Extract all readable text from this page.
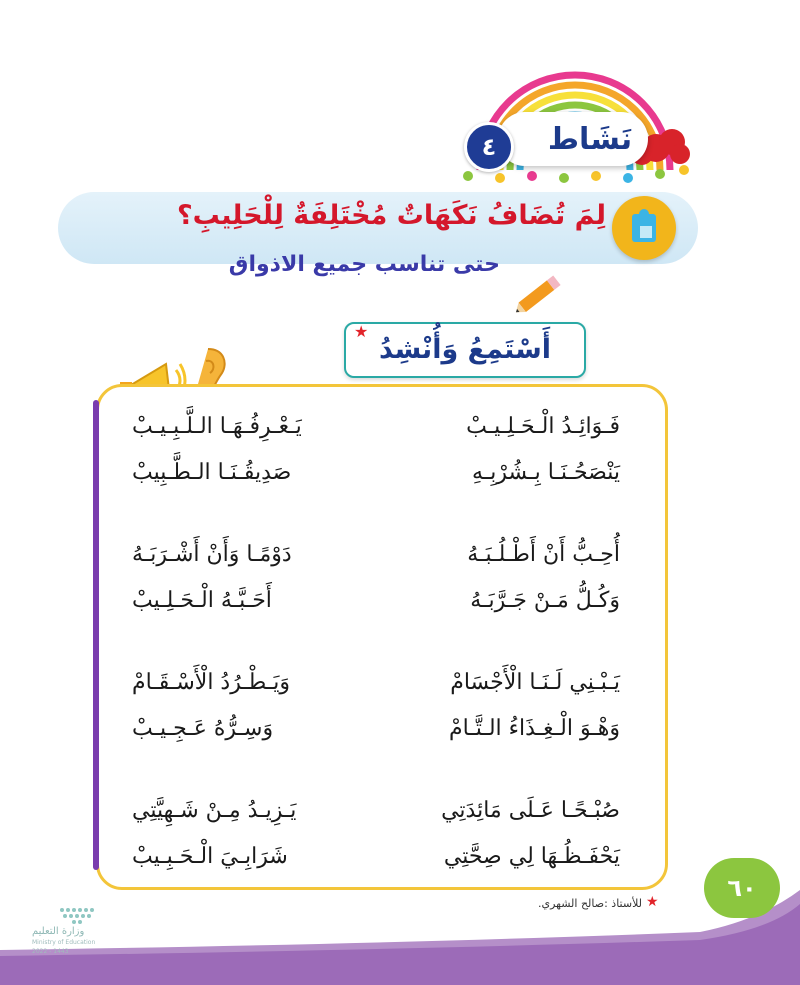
نَشَاط
٤
لِمَ تُضَافُ نَكَهَاتٌ مُخْتَلِفَةٌ لِلْحَلِيبِ؟
حتى تناسب جميع الاذواق
أَسْتَمِعُ وَأُنْشِدُ
★
فَـوَائِـدُ الْـحَـلِـيـبْ
يَـعْـرِفُـهَـا الـلَّـبِـيـبْ
يَنْصَحُـنَـا بِـشُرْبِـهِ
صَدِيقُـنَـا الـطَّـبِيبْ
أُحِـبُّ أَنْ أَطْـلُـبَـهُ
دَوْمًـا وَأَنْ أَشْـرَبَـهُ
وَكُـلُّ مَـنْ جَـرَّبَـهُ
أَحَـبَّـهُ الْـحَـلِـيبْ
يَـبْـنِي لَـنَـا الْأَجْسَامْ
وَيَـطْـرُدُ الْأَسْـقَـامْ
وَهْـوَ الْـغِـذَاءُ الـتَّـامْ
وَسِـرُّهُ عَـجِـيـبْ
صُبْـحًـا عَـلَى مَائِدَتِي
يَـزِيـدُ مِـنْ شَـهِيَّتِي
يَحْفَـظُـهَا لِي صِحَّتِي
شَرَابِـيَ الْـحَـبِـيبْ
٦٠
★
للأستاذ :صالح الشهري.
وزارة التعليم
Ministry of Education
2022 - 1443
